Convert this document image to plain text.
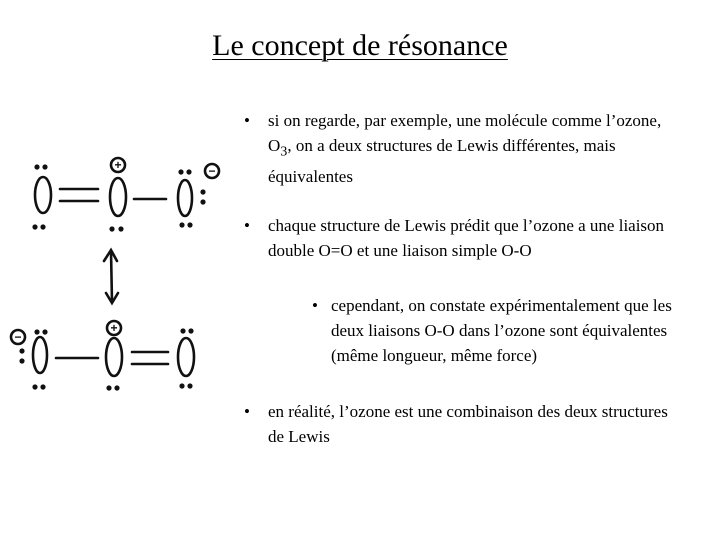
Le concept de résonance
• si on regarde, par exemple, une molécule comme l’ozone, $O_3$, on a deux structures de Lewis différentes, mais équivalentes
• chaque structure de Lewis prédit que l’ozone a une liaison double O=O et une liaison simple O-O
• cependant, on constate expérimentalement que les deux liaisons O-O dans l’ozone sont équivalentes (même longueur, même force)
• en réalité, l’ozone est une combinaison des deux structures de Lewis
+	−
+
−
